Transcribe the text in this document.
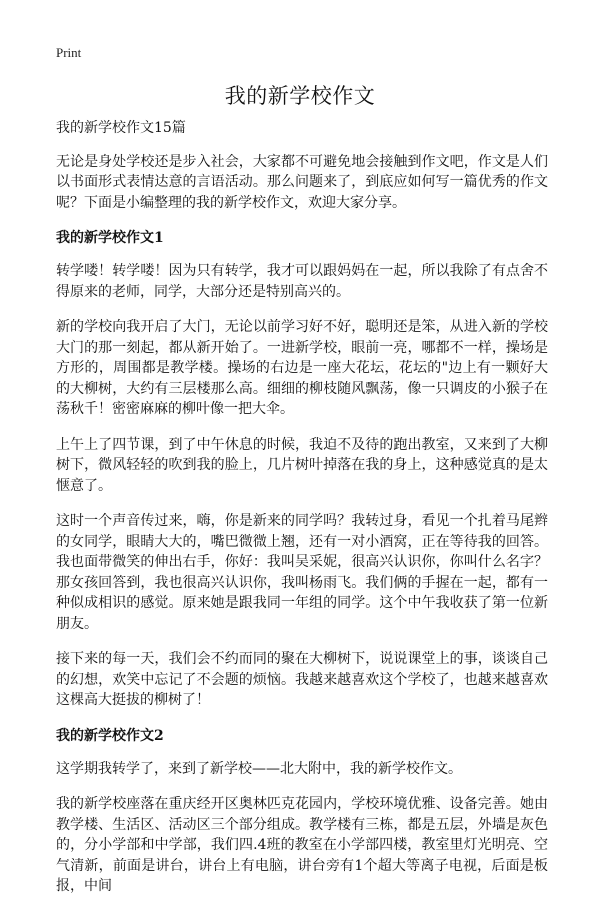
Print
我的新学校作文

我的新学校作文15篇

无论是身处学校还是步入社会，大家都不可避免地会接触到作文吧，作文是人们以书面形式表情达意的言语活动。那么问题来了，到底应如何写一篇优秀的作文呢？下面是小编整理的我的新学校作文，欢迎大家分享。

我的新学校作文1

转学喽！转学喽！因为只有转学，我才可以跟妈妈在一起，所以我除了有点舍不得原来的老师，同学，大部分还是特别高兴的。

新的学校向我开启了大门，无论以前学习好不好，聪明还是笨，从进入新的学校大门的那一刻起，都从新开始了。一进新学校，眼前一亮，哪都不一样，操场是方形的，周围都是教学楼。操场的右边是一座大花坛，花坛的"边上有一颗好大的大柳树，大约有三层楼那么高。细细的柳枝随风飘荡，像一只调皮的小猴子在荡秋千！密密麻麻的柳叶像一把大伞。

上午上了四节课，到了中午休息的时候，我迫不及待的跑出教室，又来到了大柳树下，微风轻轻的吹到我的脸上，几片树叶掉落在我的身上，这种感觉真的是太惬意了。

这时一个声音传过来，嗨，你是新来的同学吗？我转过身，看见一个扎着马尾辫的女同学，眼睛大大的，嘴巴微微上翘，还有一对小酒窝，正在等待我的回答。我也面带微笑的伸出右手，你好：我叫吴采妮，很高兴认识你，你叫什么名字？那女孩回答到，我也很高兴认识你，我叫杨雨飞。我们俩的手握在一起，都有一种似成相识的感觉。原来她是跟我同一年组的同学。这个中午我收获了第一位新朋友。

接下来的每一天，我们会不约而同的聚在大柳树下，说说课堂上的事，谈谈自己的幻想，欢笑中忘记了不会题的烦恼。我越来越喜欢这个学校了，也越来越喜欢这棵高大挺拔的柳树了！

我的新学校作文2

这学期我转学了，来到了新学校——北大附中，我的新学校作文。

我的新学校座落在重庆经开区奥林匹克花园内，学校环境优雅、设备完善。她由教学楼、生活区、活动区三个部分组成。教学楼有三栋，都是五层，外墙是灰色的，分小学部和中学部，我们四.4班的教室在小学部四楼，教室里灯光明亮、空气清新，前面是讲台，讲台上有电脑，讲台旁有1个超大等离子电视，后面是板报，中间
